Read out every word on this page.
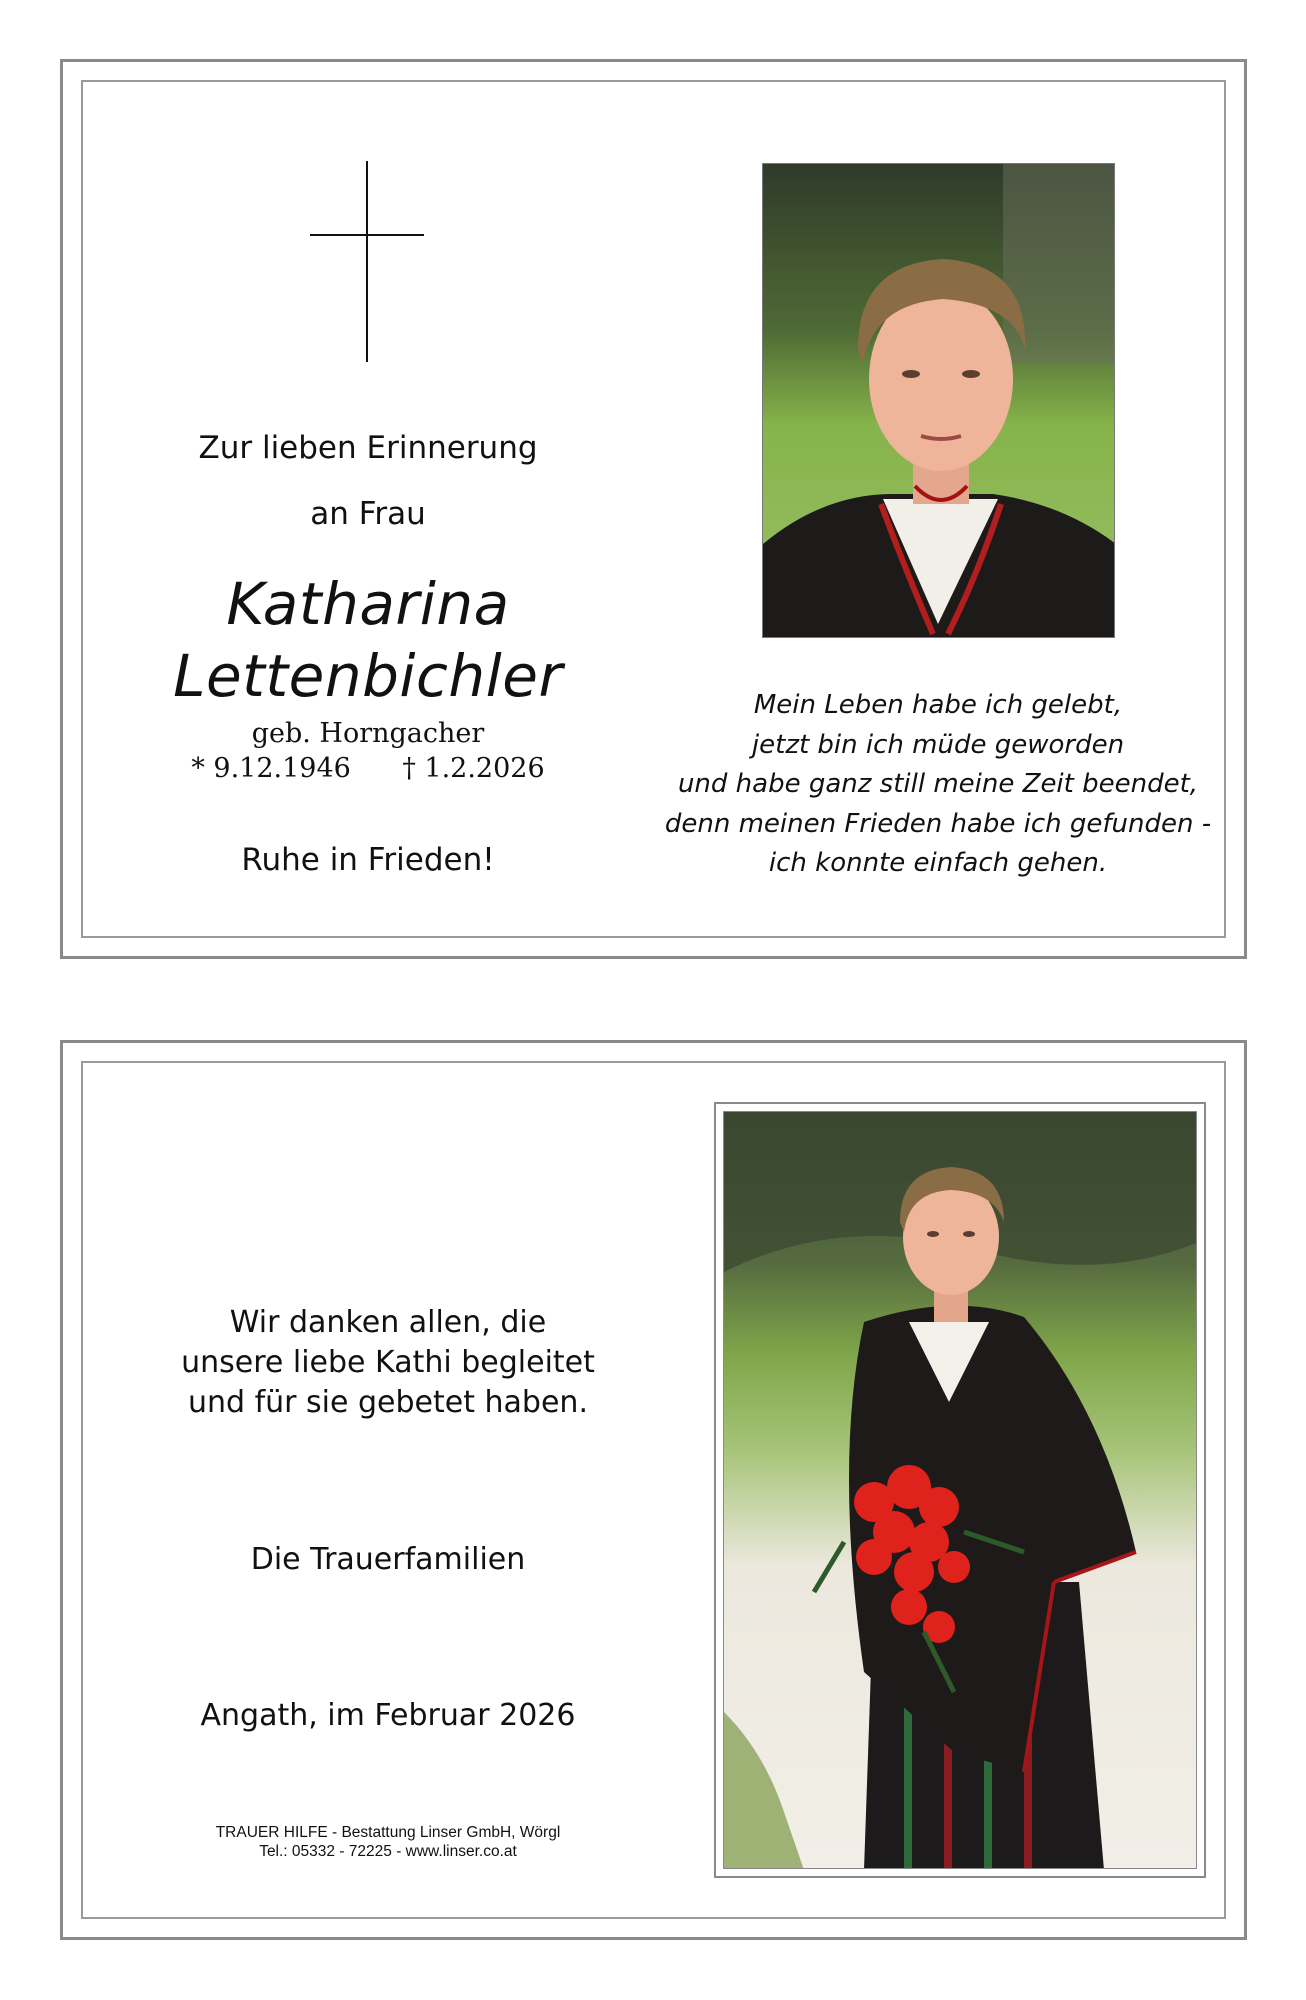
Zur lieben Erinnerung
an Frau
Katharina
Lettenbichler
geb. Horngacher
* 9.12.1946 † 1.2.2026
Ruhe in Frieden!
Mein Leben habe ich gelebt,
jetzt bin ich müde geworden
und habe ganz still meine Zeit beendet,
denn meinen Frieden habe ich gefunden -
ich konnte einfach gehen.
Wir danken allen, die
unsere liebe Kathi begleitet
und für sie gebetet haben.
Die Trauerfamilien
Angath, im Februar 2026
TRAUER HILFE - Bestattung Linser GmbH, Wörgl
Tel.: 05332 - 72225 - www.linser.co.at
